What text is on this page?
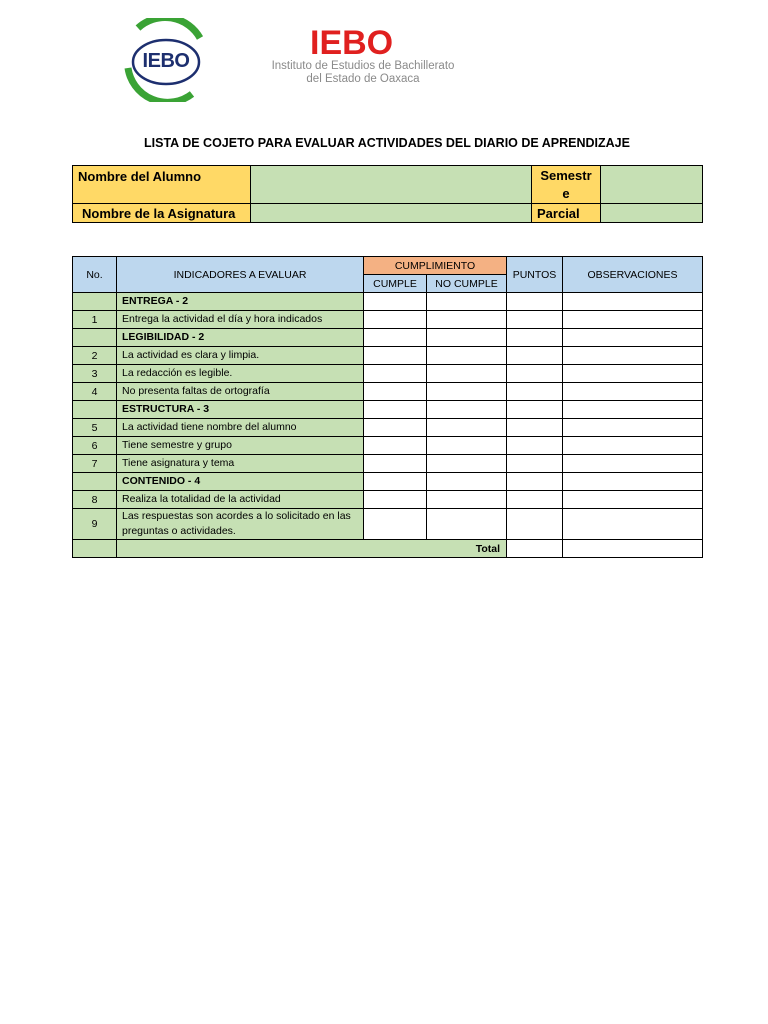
IEBO	IEBO
Instituto de Estudios de Bachillerato
del Estado de Oaxaca
LISTA DE COJETO PARA EVALUAR ACTIVIDADES DEL DIARIO DE APRENDIZAJE
Nombre del Alumno		Semestr
e	

Nombre de la Asignatura		Parcial	
No.	INDICADORES A EVALUAR	CUMPLIMIENTO		PUNTOS	OBSERVACIONES
		CUMPLE	NO CUMPLE		
	ENTREGA - 2				
1	Entrega la actividad el día y hora indicados				
	LEGIBILIDAD - 2				
2	La actividad es clara y limpia.				
3	La redacción es legible.				
4	No presenta faltas de ortografía				
	ESTRUCTURA - 3				
5	La actividad tiene nombre del alumno				
6	Tiene semestre y grupo				
7	Tiene asignatura y tema				
	CONTENIDO - 4				
8	Realiza la totalidad de la actividad				
9	Las respuestas son acordes a lo solicitado en las preguntas o actividades.				
	Total				
